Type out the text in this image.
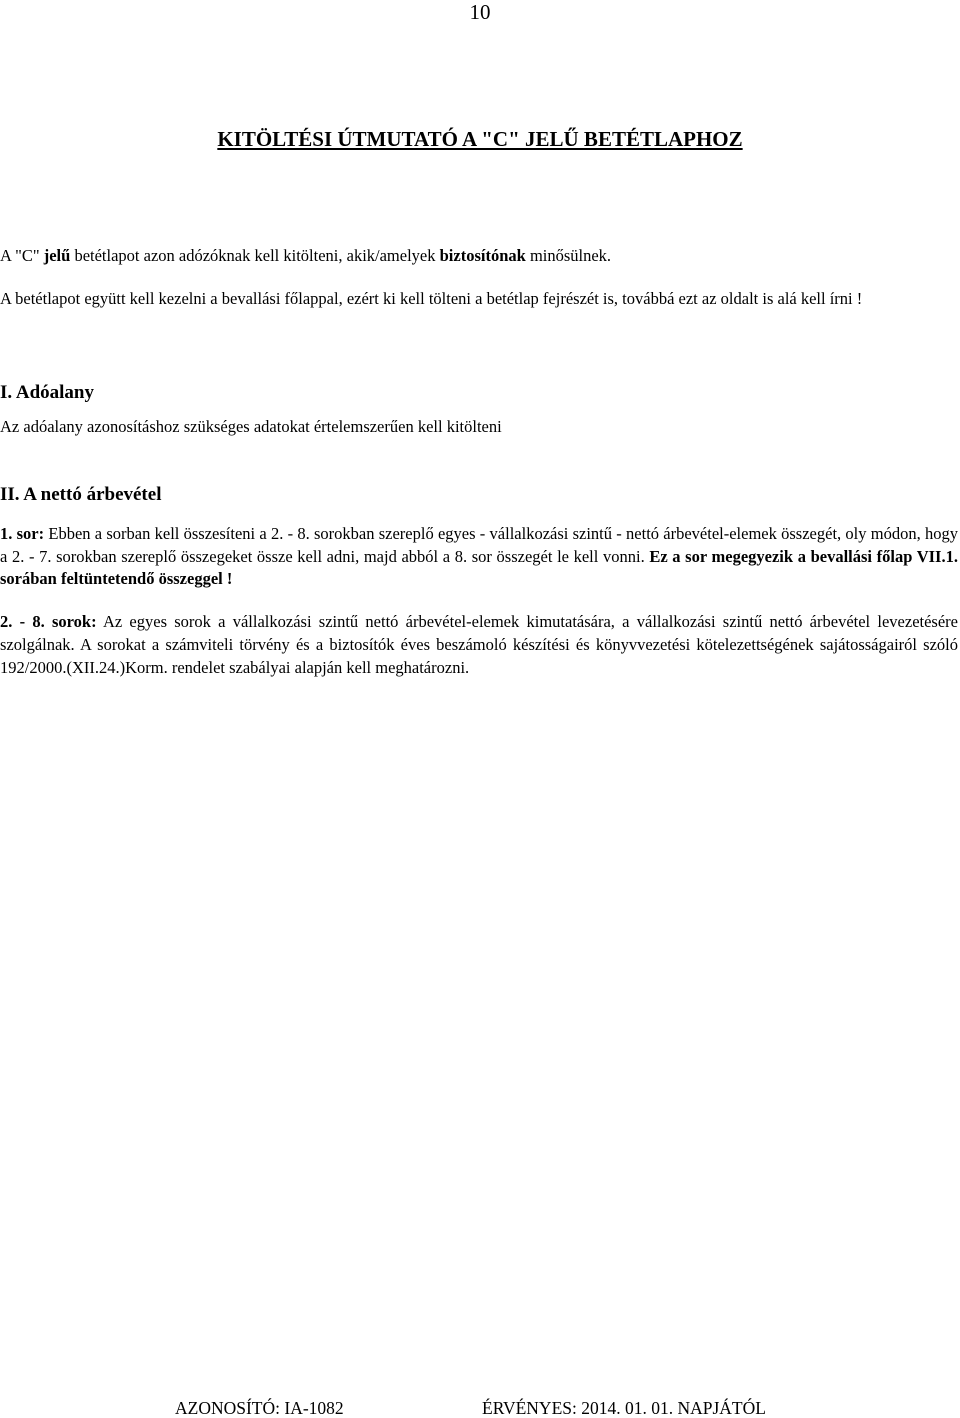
10
KITÖLTÉSI ÚTMUTATÓ A "C" JELŰ BETÉTLAPHOZ
A "C" jelű betétlapot azon adózóknak kell kitölteni, akik/amelyek biztosítónak minősülnek.
A betétlapot együtt kell kezelni a bevallási főlappal, ezért ki kell tölteni a betétlap fejrészét is, továbbá ezt az oldalt is alá kell írni !
I. Adóalany
Az adóalany azonosításhoz szükséges adatokat értelemszerűen kell kitölteni
II. A nettó árbevétel
1. sor: Ebben a sorban kell összesíteni a 2. - 8. sorokban szereplő egyes - vállalkozási szintű - nettó árbevétel-elemek összegét, oly módon, hogy a 2. - 7. sorokban szereplő összegeket össze kell adni, majd abból a 8. sor összegét le kell vonni. Ez a sor megegyezik a bevallási főlap VII.1. sorában feltüntetendő összeggel !
2. - 8. sorok: Az egyes sorok a vállalkozási szintű nettó árbevétel-elemek kimutatására, a vállalkozási szintű nettó árbevétel levezetésére szolgálnak. A sorokat a számviteli törvény és a biztosítók éves beszámoló készítési és könyvvezetési kötelezettségének sajátosságairól szóló 192/2000.(XII.24.)Korm. rendelet szabályai alapján kell meghatározni.
AZONOSÍTÓ: IA-1082	ÉRVÉNYES: 2014. 01. 01. NAPJÁTÓL
